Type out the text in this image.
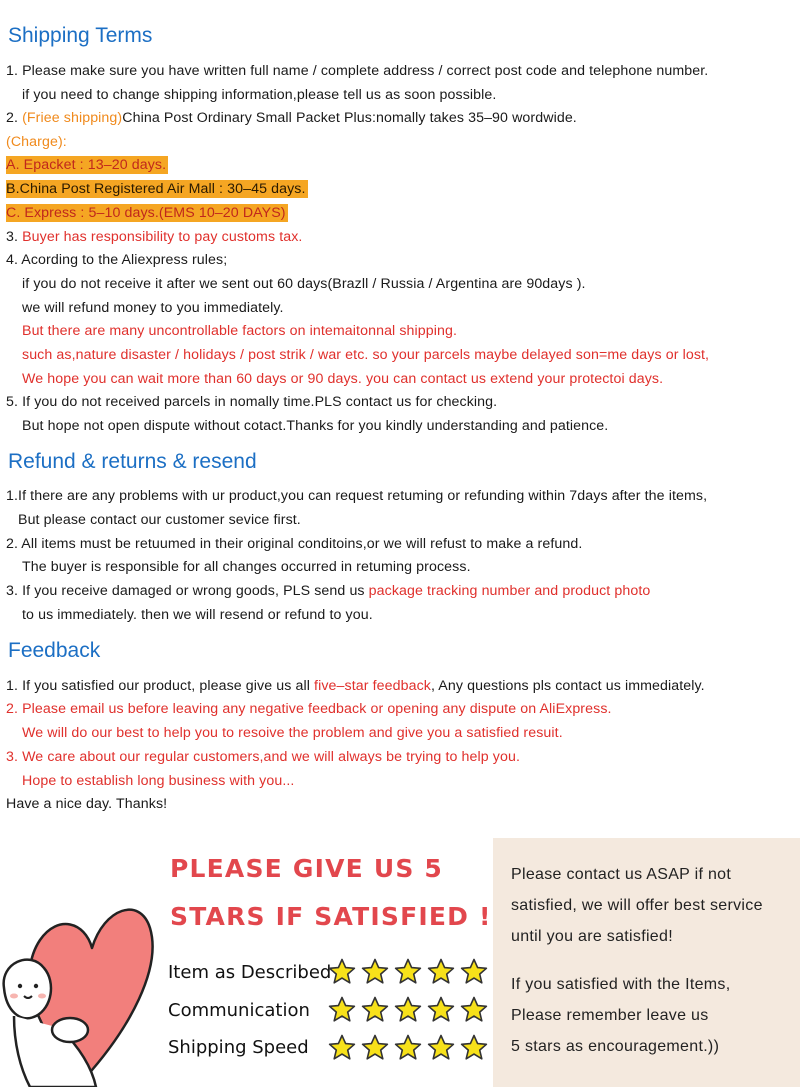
Shipping Terms
1. Please make sure you have written full name / complete address / correct post code and telephone number.
if you need to change shipping information,please tell us as soon possible.
2. (Friee shipping)China Post Ordinary Small Packet Plus:nomally takes 35–90 wordwide.
(Charge):
A. Epacket : 13–20 days.
B.China Post Registered Air Mall : 30–45 days.
C. Express : 5–10 days.(EMS 10–20 DAYS)
3. Buyer has responsibility to pay customs tax.
4. Acording to the Aliexpress rules;
if you do not receive it after we sent out 60 days(Brazll / Russia / Argentina are 90days ).
we will refund money to you immediately.
But there are many uncontrollable factors on intemaitonnal shipping.
such as,nature disaster / holidays / post strik / war etc. so your parcels maybe delayed son=me days or lost,
We hope you can wait more than 60 days or 90 days. you can contact us extend your protectoi days.
5. If you do not received parcels in nomally time.PLS contact us for checking.
But hope not open dispute without cotact.Thanks for you kindly understanding and patience.
Refund & returns & resend
1.If there are any problems with ur product,you can request retuming or refunding within 7days after the items,
But please contact our customer sevice first.
2. All items must be retuumed in their original conditoins,or we will refust to make a refund.
The buyer is responsible for all changes occurred in retuming process.
3. If you receive damaged or wrong goods, PLS send us package tracking number and product photo
to us immediately. then we will resend or refund to you.
Feedback
1. If you satisfied our product, please give us all five–star feedback, Any questions pls contact us immediately.
2. Please email us before leaving any negative feedback or opening any dispute on AliExpress.
We will do our best to help you to resoive the problem and give you a satisfied resuit.
3. We care about our regular customers,and we will always be trying to help you.
Hope to establish long business with you...
Have a nice day. Thanks!
PLEASE GIVE US 5
STARS IF SATISFIED !
Item as Described
Communication
Shipping Speed
Please contact us ASAP if not
satisfied, we will offer best service
until you are satisfied!
If you satisfied with the Items,
Please remember leave us
5 stars as encouragement.))
